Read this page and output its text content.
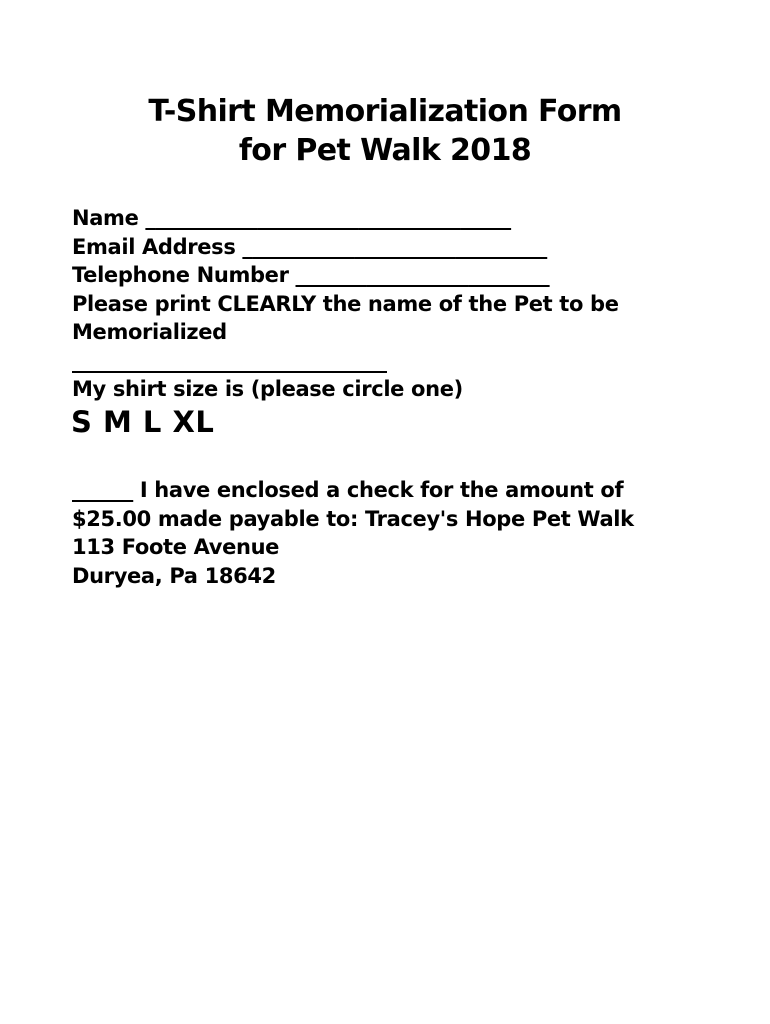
T-Shirt Memorialization Form
for Pet Walk 2018
Name ____________________________________
Email Address ______________________________
Telephone Number _________________________
Please print CLEARLY the name of the Pet to be
Memorialized
_______________________________
My shirt size is (please circle one)
S M L XL
______ I have enclosed a check for the amount of
$25.00 made payable to: Tracey's Hope Pet Walk
113 Foote Avenue
Duryea, Pa 18642
